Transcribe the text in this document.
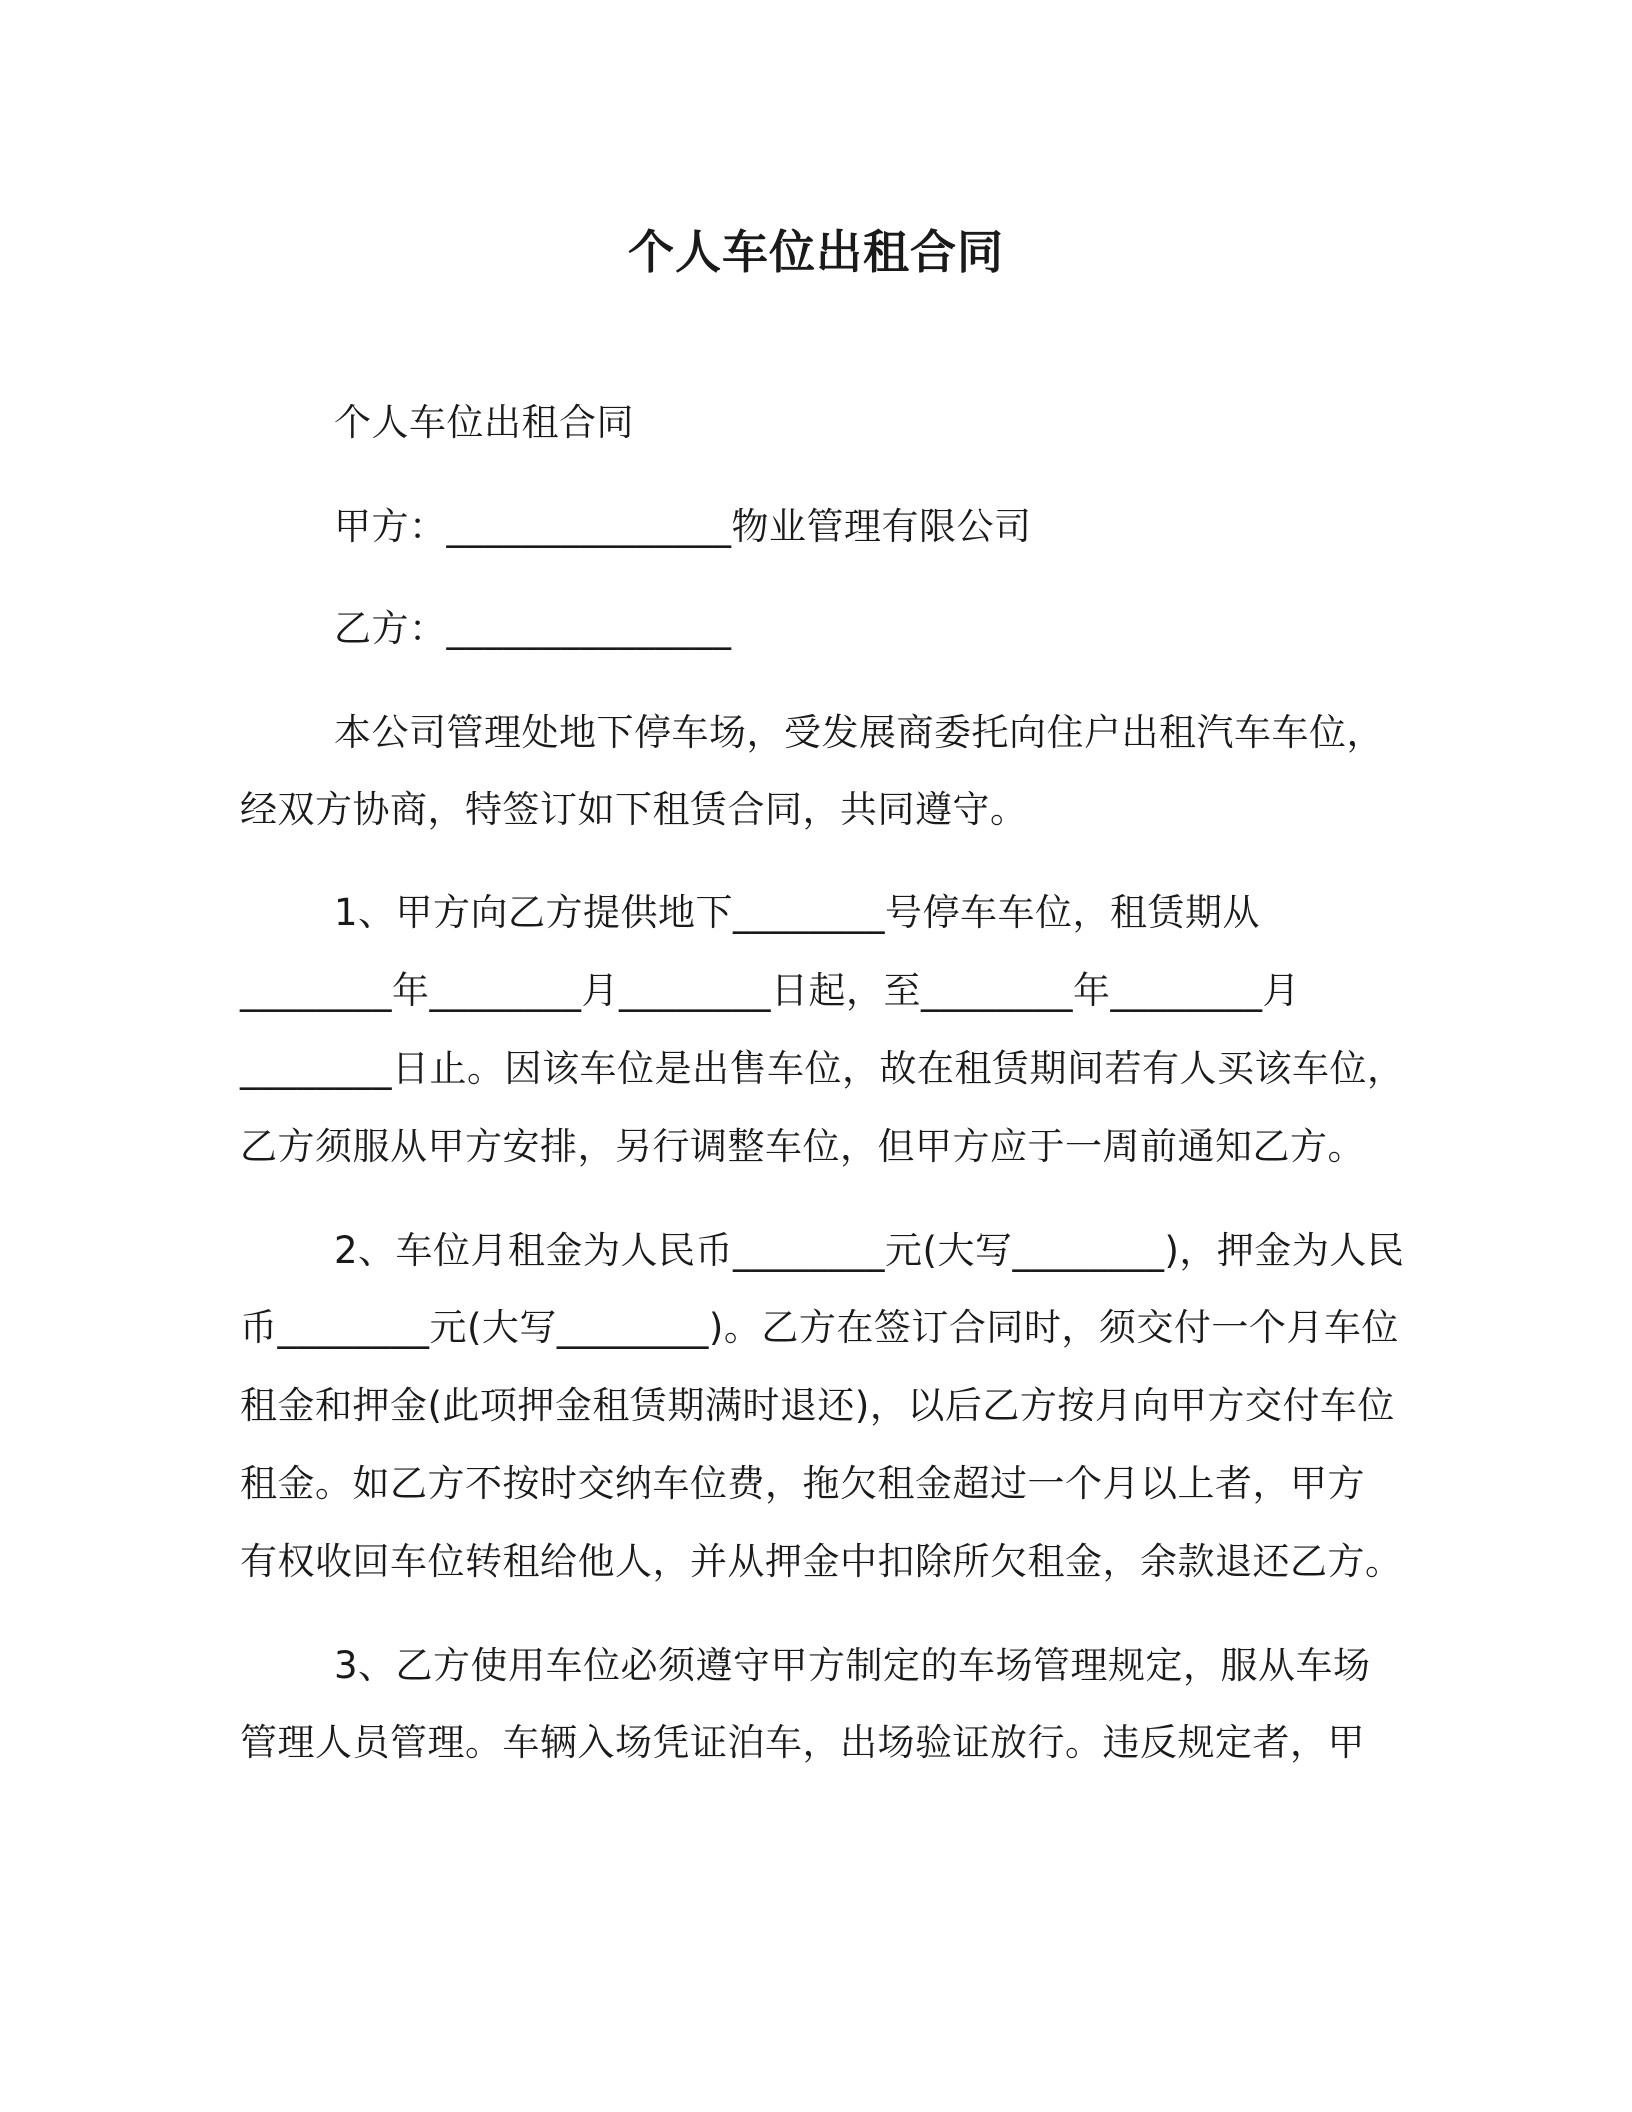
个人车位出租合同
个人车位出租合同
甲方：_______________物业管理有限公司
乙方：_______________
本公司管理处地下停车场，受发展商委托向住户出租汽车车位，
经双方协商，特签订如下租赁合同，共同遵守。
1、甲方向乙方提供地下________号停车车位，租赁期从
________年________月________日起，至________年________月
________日止。因该车位是出售车位，故在租赁期间若有人买该车位，
乙方须服从甲方安排，另行调整车位，但甲方应于一周前通知乙方。
2、车位月租金为人民币________元(大写________)，押金为人民
币________元(大写________)。乙方在签订合同时，须交付一个月车位
租金和押金(此项押金租赁期满时退还)，以后乙方按月向甲方交付车位
租金。如乙方不按时交纳车位费，拖欠租金超过一个月以上者，甲方
有权收回车位转租给他人，并从押金中扣除所欠租金，余款退还乙方。
3、乙方使用车位必须遵守甲方制定的车场管理规定，服从车场
管理人员管理。车辆入场凭证泊车，出场验证放行。违反规定者，甲
